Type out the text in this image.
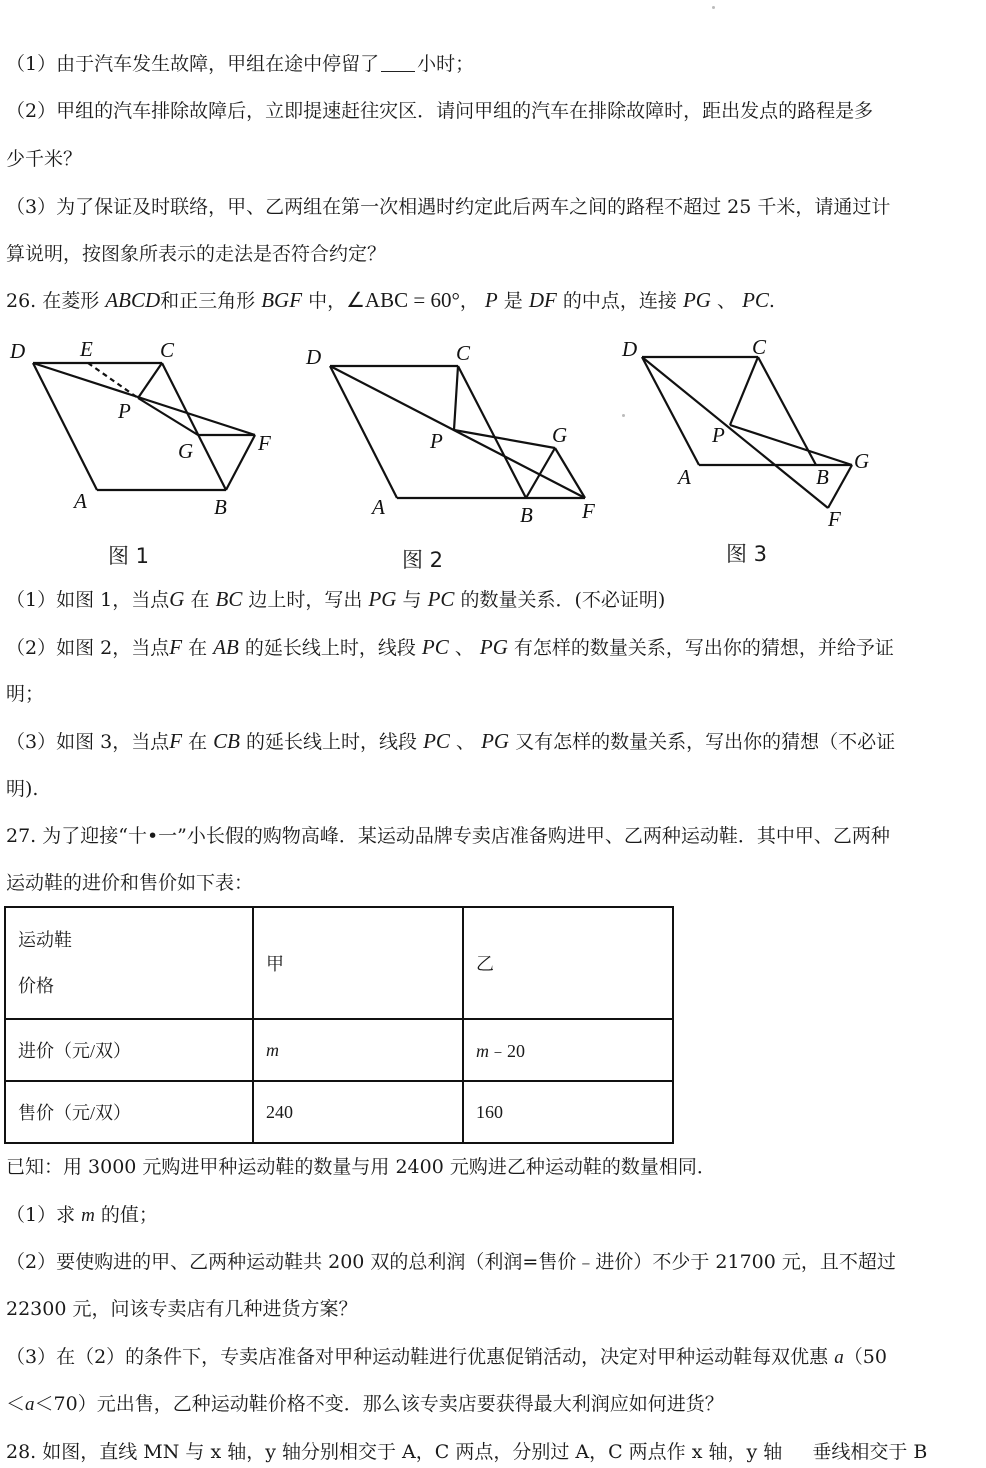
（1）由于汽车发生故障，甲组在途中停留了 小时；
（2）甲组的汽车排除故障后，立即提速赶往灾区．请问甲组的汽车在排除故障时，距出发点的路程是多
少千米？
（3）为了保证及时联络，甲、乙两组在第一次相遇时约定此后两车之间的路程不超过 25 千米，请通过计
算说明，按图象所表示的走法是否符合约定？
26. 在菱形 ABCD和正三角形 BGF 中，∠ABC = 60°， P 是 DF 的中点，连接 PG 、 PC.
D	E	C
P
G	F
A	B
图 1
D	C
P	G
A	B F
图 2
D	C
P
A	B
G
F
图 3
（1）如图 1，当点G 在 BC 边上时，写出 PG 与 PC 的数量关系．(不必证明)
（2）如图 2，当点F 在 AB 的延长线上时，线段 PC 、 PG 有怎样的数量关系，写出你的猜想，并给予证
明；
（3）如图 3，当点F 在 CB 的延长线上时，线段 PC 、 PG 又有怎样的数量关系，写出你的猜想（不必证
明).
27. 为了迎接“十•一”小长假的购物高峰．某运动品牌专卖店准备购进甲、乙两种运动鞋．其中甲、乙两种
运动鞋的进价和售价如下表：
运动鞋
价格	甲	乙
进价（元/双）	m	m﹣20
售价（元/双）	240	160
已知：用 3000 元购进甲种运动鞋的数量与用 2400 元购进乙种运动鞋的数量相同．
（1）求 m 的值；
（2）要使购进的甲、乙两种运动鞋共 200 双的总利润（利润=售价﹣进价）不少于 21700 元，且不超过
22300 元，问该专卖店有几种进货方案？
（3）在（2）的条件下，专卖店准备对甲种运动鞋进行优惠促销活动，决定对甲种运动鞋每双优惠 a（50
＜a＜70）元出售，乙种运动鞋价格不变．那么该专卖店要获得最大利润应如何进货？
28. 如图，直线 MN 与 x 轴，y 轴分别相交于 A，C 两点，分别过 A，C 两点作 x 轴，y 轴 垂线相交于 B
